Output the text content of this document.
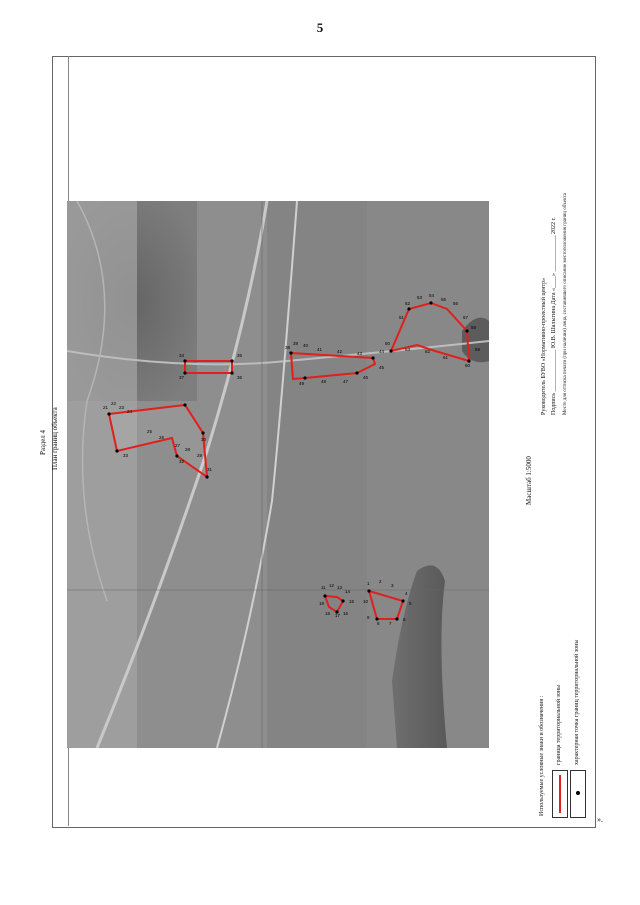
5
Раздел 4 План границ объекта	21
22
23
24
25
26
27
28
29
30
31
32
33
34	35
36
37
38
39 40
41	42	43	44
45
46
47
48
49
50
51
52
53 54
55
56
57
58
59
60
61
62
63
11 12 13
14
15
16
17
18
19
1 2
3
4
5
6
7
8
9
10
Масштаб 1:5000
Руководитель БУВО «Нормативно-проектный центр» Подпись ______________ Ю.В. Шалыгина Дата «____» ____________ 2022 г. Место для оттиска печати (при наличии) лица, составившего описание местоположения границ объекта
Используемые условные знаки и обозначения : граница территориальной зоны характерная точка границ территориальной зоны
».
